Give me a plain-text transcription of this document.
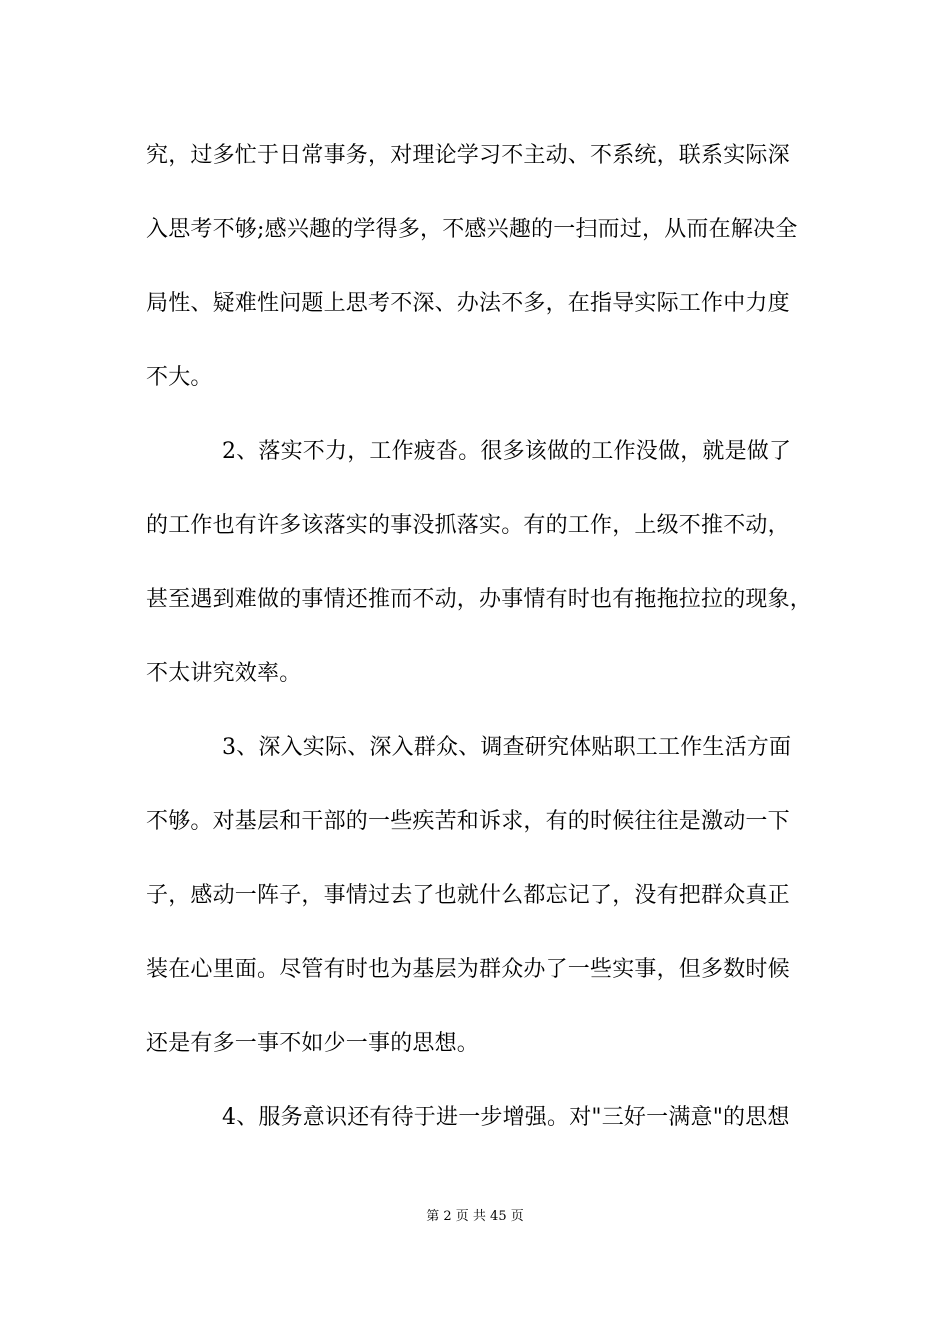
究，过多忙于日常事务，对理论学习不主动、不系统，联系实际深
入思考不够;感兴趣的学得多，不感兴趣的一扫而过，从而在解决全
局性、疑难性问题上思考不深、办法不多，在指导实际工作中力度
不大。
2、落实不力，工作疲沓。很多该做的工作没做，就是做了
的工作也有许多该落实的事没抓落实。有的工作，上级不推不动，
甚至遇到难做的事情还推而不动，办事情有时也有拖拖拉拉的现象，
不太讲究效率。
3、深入实际、深入群众、调查研究体贴职工工作生活方面
不够。对基层和干部的一些疾苦和诉求，有的时候往往是激动一下
子，感动一阵子，事情过去了也就什么都忘记了，没有把群众真正
装在心里面。尽管有时也为基层为群众办了一些实事，但多数时候
还是有多一事不如少一事的思想。
4、服务意识还有待于进一步增强。对"三好一满意"的思想
第 2 页 共 45 页
